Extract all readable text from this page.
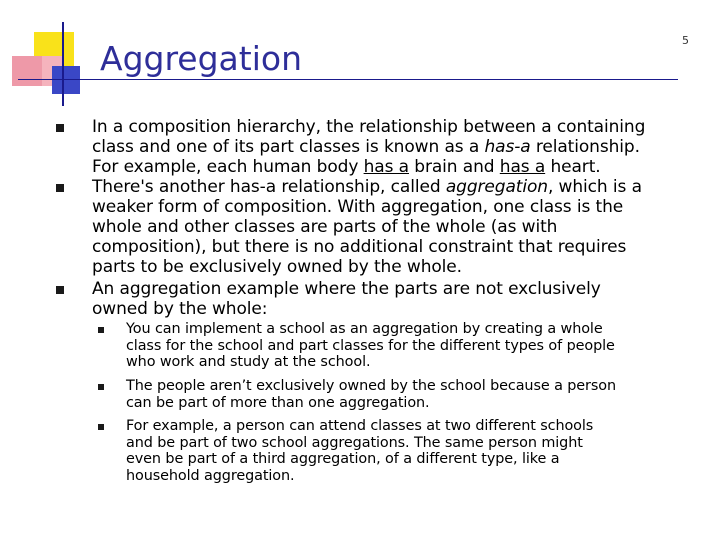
Aggregation	5
In a composition hierarchy, the relationship between a containing
class and one of its part classes is known as a has-a relationship.
For example, each human body has a brain and has a heart.
There's another has-a relationship, called aggregation, which is a
weaker form of composition. With aggregation, one class is the
whole and other classes are parts of the whole (as with
composition), but there is no additional constraint that requires
parts to be exclusively owned by the whole.
An aggregation example where the parts are not exclusively
owned by the whole:
You can implement a school as an aggregation by creating a whole
class for the school and part classes for the different types of people
who work and study at the school.
The people aren’t exclusively owned by the school because a person
can be part of more than one aggregation.
For example, a person can attend classes at two different schools
and be part of two school aggregations. The same person might
even be part of a third aggregation, of a different type, like a
household aggregation.
